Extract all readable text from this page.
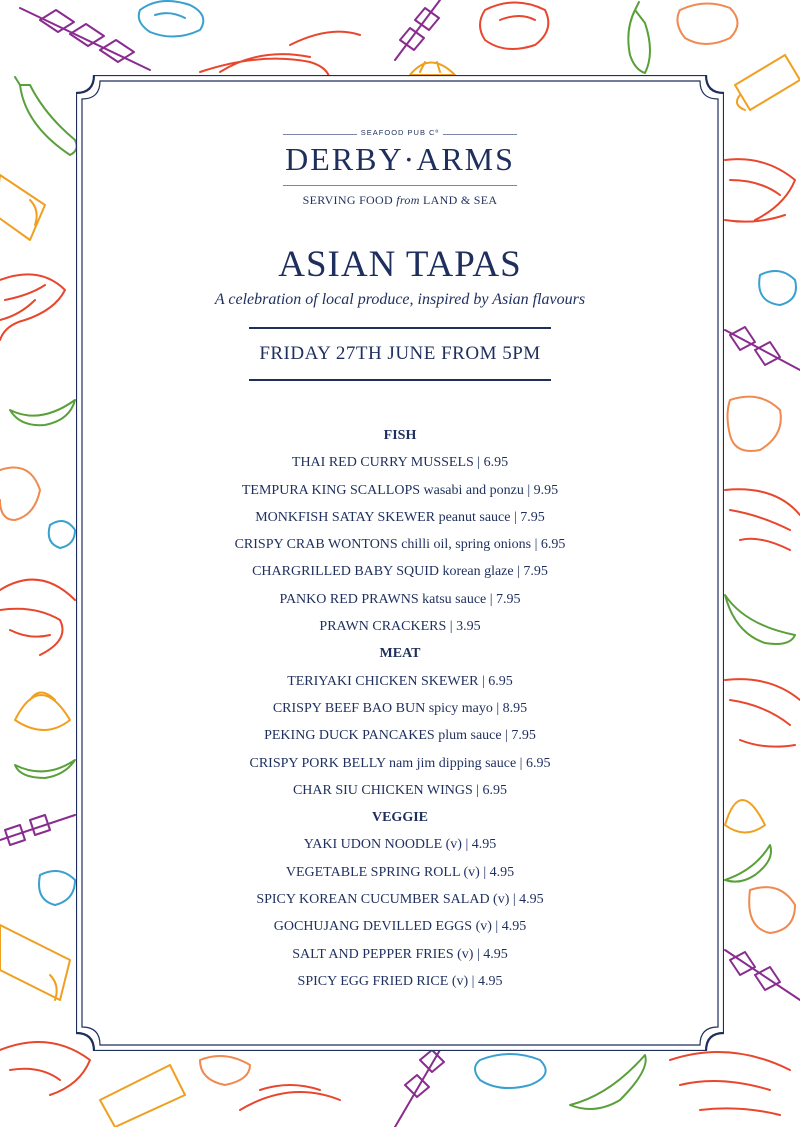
SEAFOOD PUB Cº
DERBY·ARMS
SERVING FOOD from LAND & SEA
ASIAN TAPAS
A celebration of local produce, inspired by Asian flavours
FRIDAY 27TH JUNE FROM 5PM
FISH
THAI RED CURRY MUSSELS | 6.95
TEMPURA KING SCALLOPS wasabi and ponzu | 9.95
MONKFISH SATAY SKEWER peanut sauce | 7.95
CRISPY CRAB WONTONS chilli oil, spring onions | 6.95
CHARGRILLED BABY SQUID korean glaze | 7.95
PANKO RED PRAWNS katsu sauce | 7.95
PRAWN CRACKERS | 3.95
MEAT
TERIYAKI CHICKEN SKEWER | 6.95
CRISPY BEEF BAO BUN spicy mayo | 8.95
PEKING DUCK PANCAKES plum sauce | 7.95
CRISPY PORK BELLY nam jim dipping sauce | 6.95
CHAR SIU CHICKEN WINGS | 6.95
VEGGIE
YAKI UDON NOODLE (v) | 4.95
VEGETABLE SPRING ROLL (v) | 4.95
SPICY KOREAN CUCUMBER SALAD (v) | 4.95
GOCHUJANG DEVILLED EGGS (v) | 4.95
SALT AND PEPPER FRIES (v) | 4.95
SPICY EGG FRIED RICE (v) | 4.95
